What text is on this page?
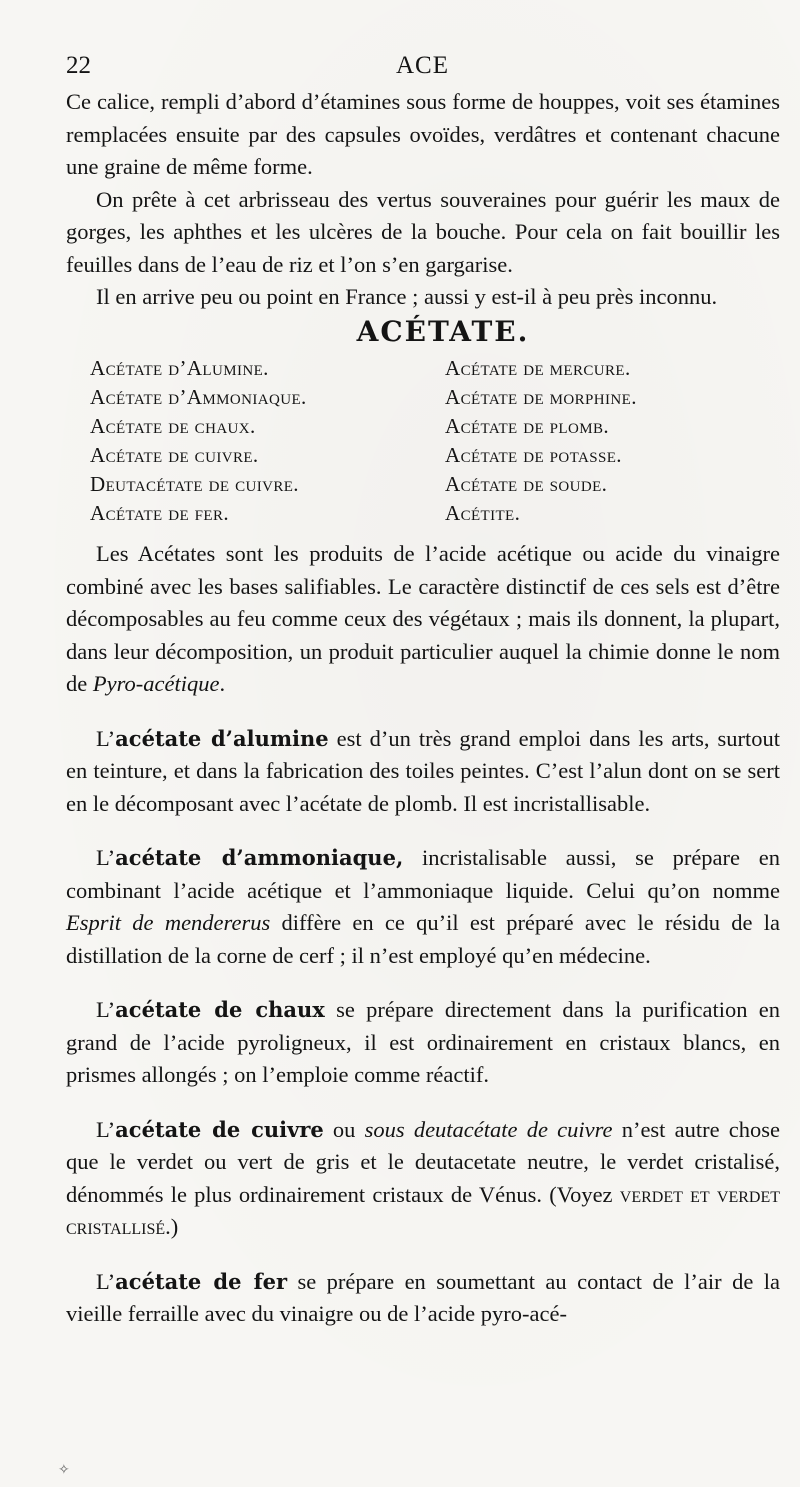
22	ACE

Ce calice, rempli d’abord d’étamines sous forme de houppes, voit ses étamines remplacées ensuite par des capsules ovoïdes, verdâtres et contenant chacune une graine de même forme.

On prête à cet arbrisseau des vertus souveraines pour guérir les maux de gorges, les aphthes et les ulcères de la bouche. Pour cela on fait bouillir les feuilles dans de l’eau de riz et l’on s’en gargarise.

Il en arrive peu ou point en France ; aussi y est-il à peu près inconnu.

ACÉTATE.
Acétate d’Alumine.	Acétate de mercure.
Acétate d’Ammoniaque.	Acétate de morphine.
Acétate de chaux.	Acétate de plomb.
Acétate de cuivre.	Acétate de potasse.
Deutacétate de cuivre.	Acétate de soude.
Acétate de fer.	Acétite.

Les Acétates sont les produits de l’acide acétique ou acide du vinaigre combiné avec les bases salifiables. Le caractère distinctif de ces sels est d’être décomposables au feu comme ceux des végétaux ; mais ils donnent, la plupart, dans leur décomposition, un produit particulier auquel la chimie donne le nom de Pyro-acétique.

L’acétate d’alumine est d’un très grand emploi dans les arts, surtout en teinture, et dans la fabrication des toiles peintes. C’est l’alun dont on se sert en le décomposant avec l’acétate de plomb. Il est incristallisable.

L’acétate d’ammoniaque, incristalisable aussi, se prépare en combinant l’acide acétique et l’ammoniaque liquide. Celui qu’on nomme Esprit de mendererus diffère en ce qu’il est préparé avec le résidu de la distillation de la corne de cerf ; il n’est employé qu’en médecine.

L’acétate de chaux se prépare directement dans la purification en grand de l’acide pyroligneux, il est ordinairement en cristaux blancs, en prismes allongés ; on l’emploie comme réactif.

L’acétate de cuivre ou sous deutacétate de cuivre n’est autre chose que le verdet ou vert de gris et le deutacetate neutre, le verdet cristalisé, dénommés le plus ordinairement cristaux de Vénus. (Voyez verdet et verdet cristallisé.)

L’acétate de fer se prépare en soumettant au contact de l’air de la vieille ferraille avec du vinaigre ou de l’acide pyro-acé-

✧
